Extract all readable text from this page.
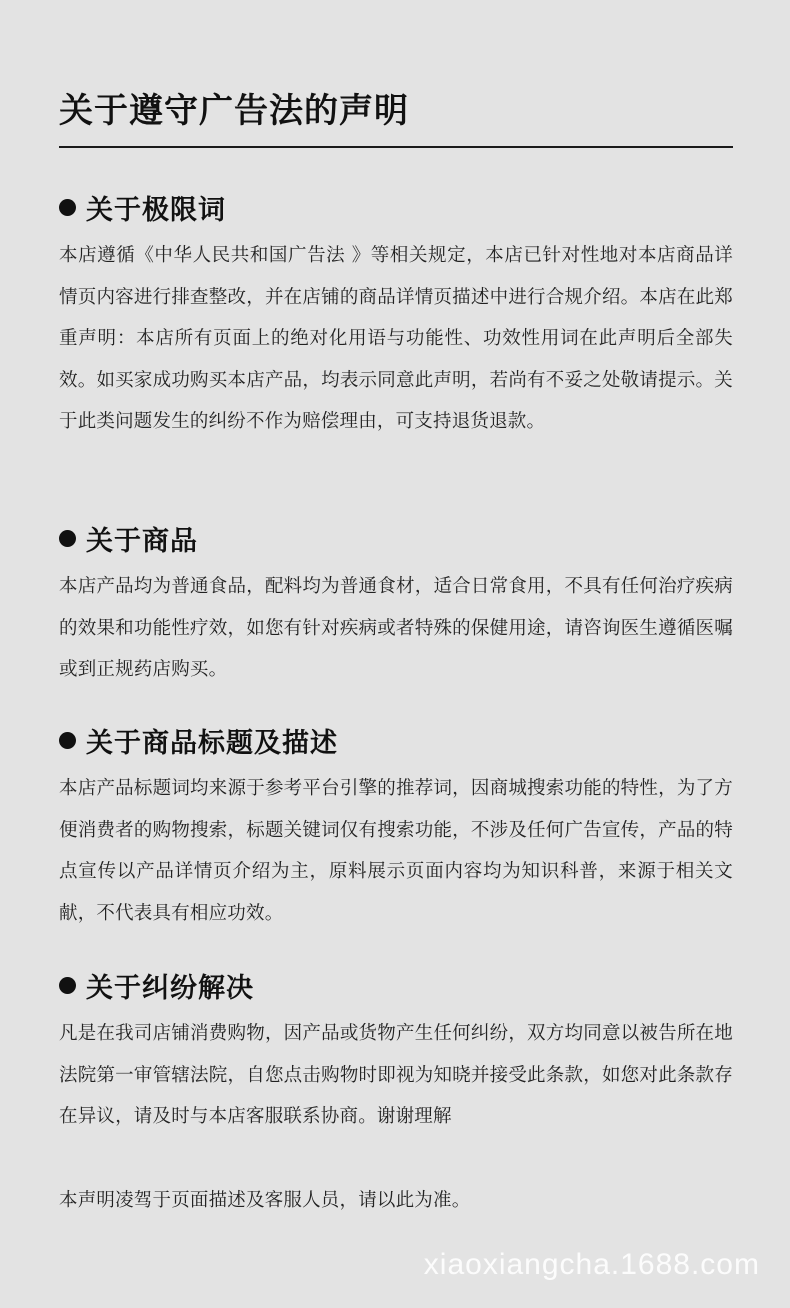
关于遵守广告法的声明
关于极限词

本店遵循《中华人民共和国广告法 》等相关规定，本店已针对性地对本店商品详情页内容进行排查整改，并在店铺的商品详情页描述中进行合规介绍。本店在此郑重声明：本店所有页面上的绝对化用语与功能性、功效性用词在此声明后全部失效。如买家成功购买本店产品，均表示同意此声明，若尚有不妥之处敬请提示。关于此类问题发生的纠纷不作为赔偿理由，可支持退货退款。

关于商品

本店产品均为普通食品，配料均为普通食材，适合日常食用，不具有任何治疗疾病的效果和功能性疗效，如您有针对疾病或者特殊的保健用途，请咨询医生遵循医嘱或到正规药店购买。

关于商品标题及描述

本店产品标题词均来源于参考平台引擎的推荐词，因商城搜索功能的特性，为了方便消费者的购物搜索，标题关键词仅有搜索功能，不涉及任何广告宣传，产品的特点宣传以产品详情页介绍为主，原料展示页面内容均为知识科普，来源于相关文献，不代表具有相应功效。

关于纠纷解决

凡是在我司店铺消费购物，因产品或货物产生任何纠纷，双方均同意以被告所在地法院第一审管辖法院，自您点击购物时即视为知晓并接受此条款，如您对此条款存在异议，请及时与本店客服联系协商。谢谢理解

本声明凌驾于页面描述及客服人员，请以此为准。

xiaoxiangcha.1688.com
